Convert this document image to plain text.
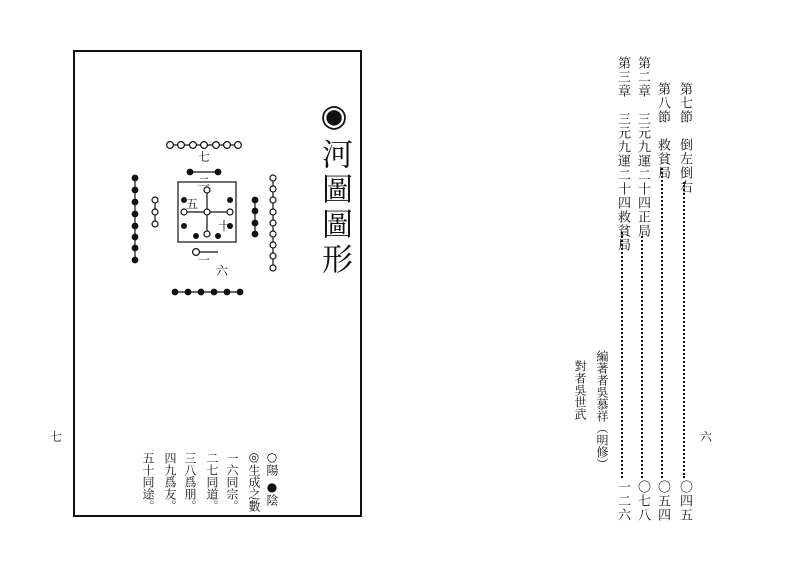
◉河圖圖形
七
二
五
十
一
六
○陽
●陰
◎生成之數
一六同宗。
二七同道。
三八爲朋。
四九爲友。
五十同途。
七
第七節　倒左倒右
第八節　救貧局
第二章　三元九運二十四正局
第三章　三元九運二十四救貧局
〇四五
〇五四
〇七八
一二六
編著者吳慕祥（明修）
對者吳世武
六
